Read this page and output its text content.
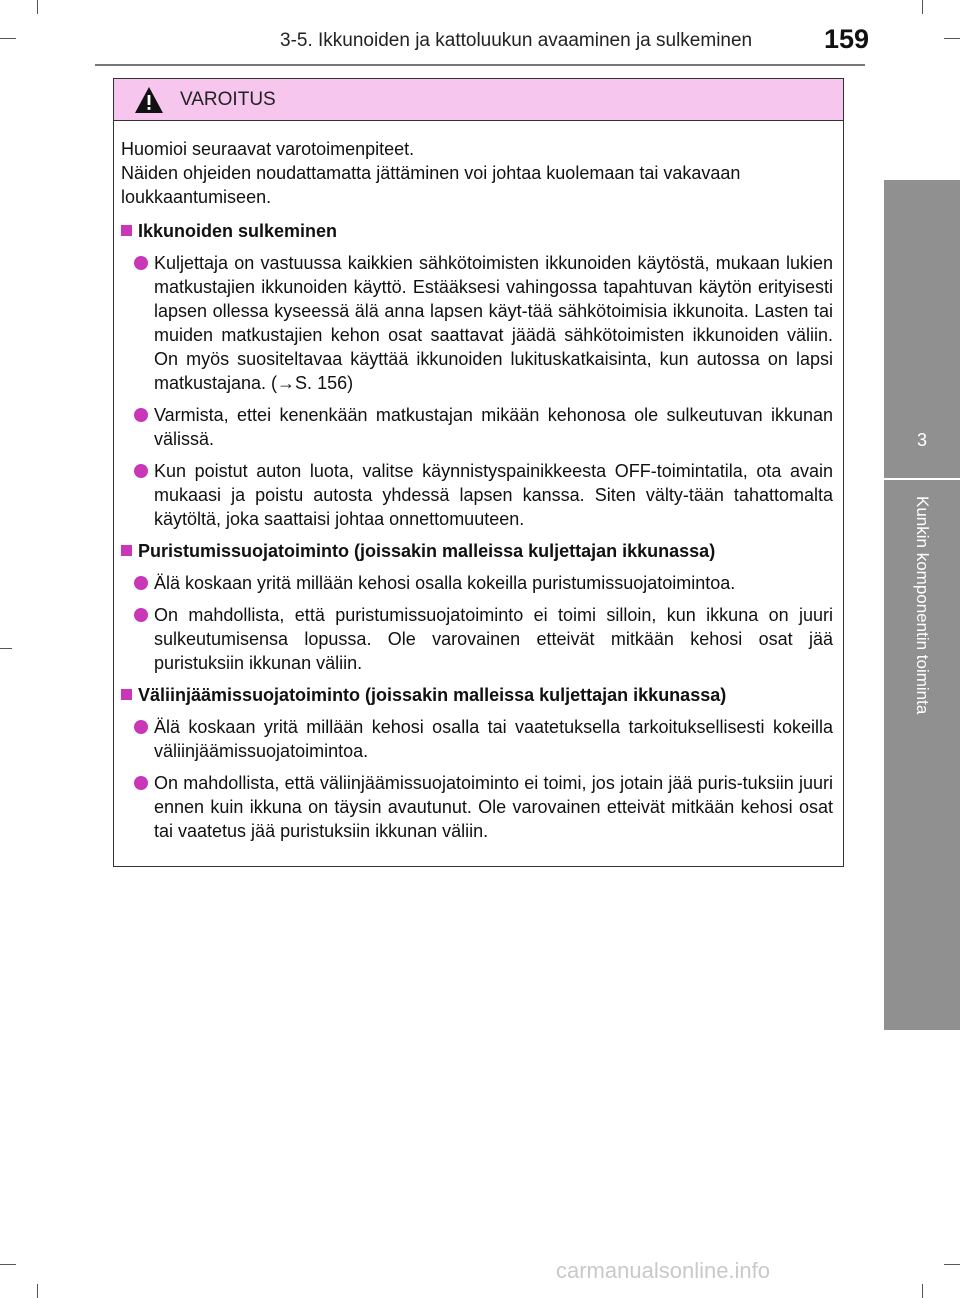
3-5. Ikkunoiden ja kattoluukun avaaminen ja sulkeminen	159
3
Kunkin komponentin toiminta
VAROITUS

Huomioi seuraavat varotoimenpiteet.

Näiden ohjeiden noudattamatta jättäminen voi johtaa kuolemaan tai vakavaan loukkaantumiseen.

Ikkunoiden sulkeminen
Kuljettaja on vastuussa kaikkien sähkötoimisten ikkunoiden käytöstä, mukaan lukien matkustajien ikkunoiden käyttö. Estääksesi vahingossa tapahtuvan käytön erityisesti lapsen ollessa kyseessä älä anna lapsen käyt-tää sähkötoimisia ikkunoita. Lasten tai muiden matkustajien kehon osat saattavat jäädä sähkötoimisten ikkunoiden väliin. On myös suositeltavaa käyttää ikkunoiden lukituskatkaisinta, kun autossa on lapsi matkustajana. (→S. 156)
Varmista, ettei kenenkään matkustajan mikään kehonosa ole sulkeutuvan ikkunan välissä.
Kun poistut auton luota, valitse käynnistyspainikkeesta OFF-toimintatila, ota avain mukaasi ja poistu autosta yhdessä lapsen kanssa. Siten välty-tään tahattomalta käytöltä, joka saattaisi johtaa onnettomuuteen.
Puristumissuojatoiminto (joissakin malleissa kuljettajan ikkunassa)
Älä koskaan yritä millään kehosi osalla kokeilla puristumissuojatoimintoa.
On mahdollista, että puristumissuojatoiminto ei toimi silloin, kun ikkuna on juuri sulkeutumisensa lopussa. Ole varovainen etteivät mitkään kehosi osat jää puristuksiin ikkunan väliin.
Väliinjäämissuojatoiminto (joissakin malleissa kuljettajan ikkunassa)
Älä koskaan yritä millään kehosi osalla tai vaatetuksella tarkoituksellisesti kokeilla väliinjäämissuojatoimintoa.
On mahdollista, että väliinjäämissuojatoiminto ei toimi, jos jotain jää puris-tuksiin juuri ennen kuin ikkuna on täysin avautunut. Ole varovainen etteivät mitkään kehosi osat tai vaatetus jää puristuksiin ikkunan väliin.
carmanualsonline.info
